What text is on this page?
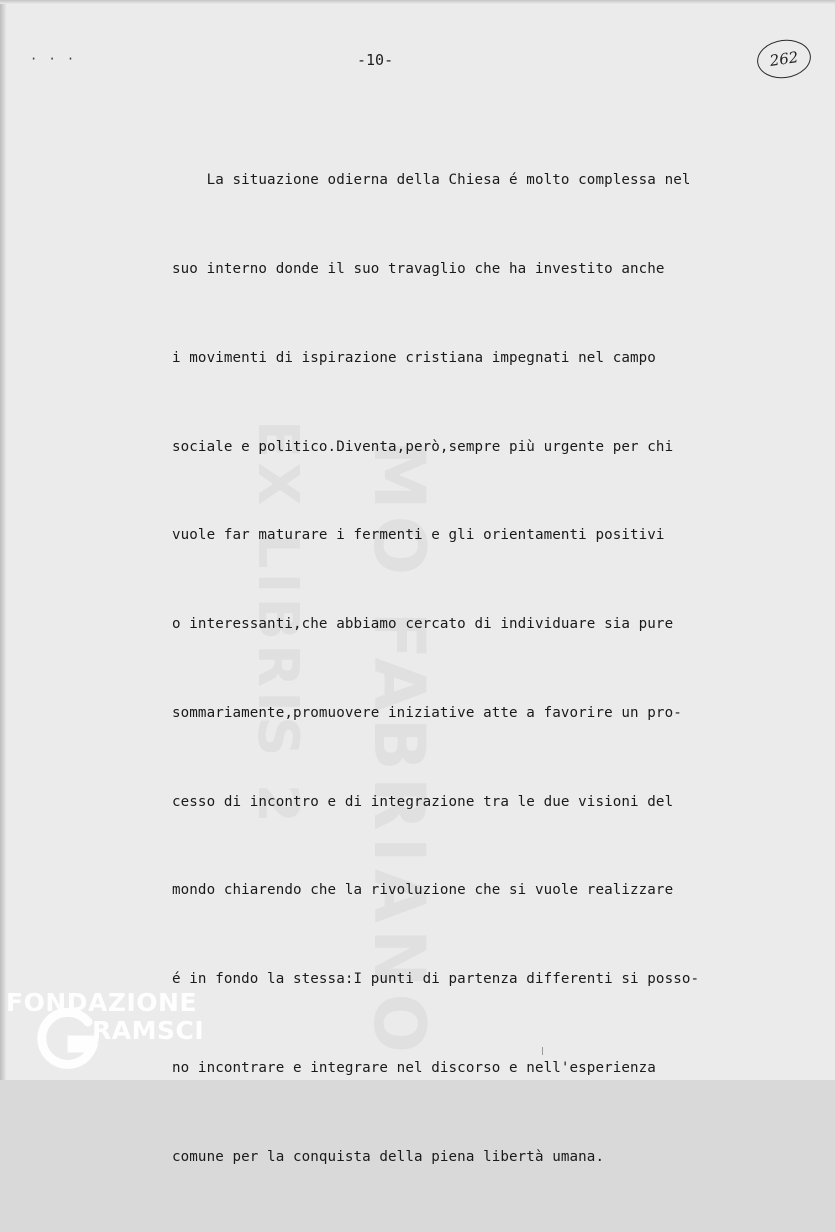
· · ·	-10-	262

La situazione odierna della Chiesa é molto complessa nel

suo interno donde il suo travaglio che ha investito anche

i movimenti di ispirazione cristiana impegnati nel campo

sociale e politico.Diventa,però,sempre più urgente per chi

vuole far maturare i fermenti e gli orientamenti positivi

o interessanti,che abbiamo cercato di individuare sia pure

sommariamente,promuovere iniziative atte a favorire un pro-

cesso di incontro e di integrazione tra le due visioni del

mondo chiarendo che la rivoluzione che si vuole realizzare

é in fondo la stessa:I punti di partenza differenti si posso-

no incontrare e integrare nel discorso e nell'esperienza

comune per la conquista della piena libertà umana.

FONDAZIONE
RAMSCI
